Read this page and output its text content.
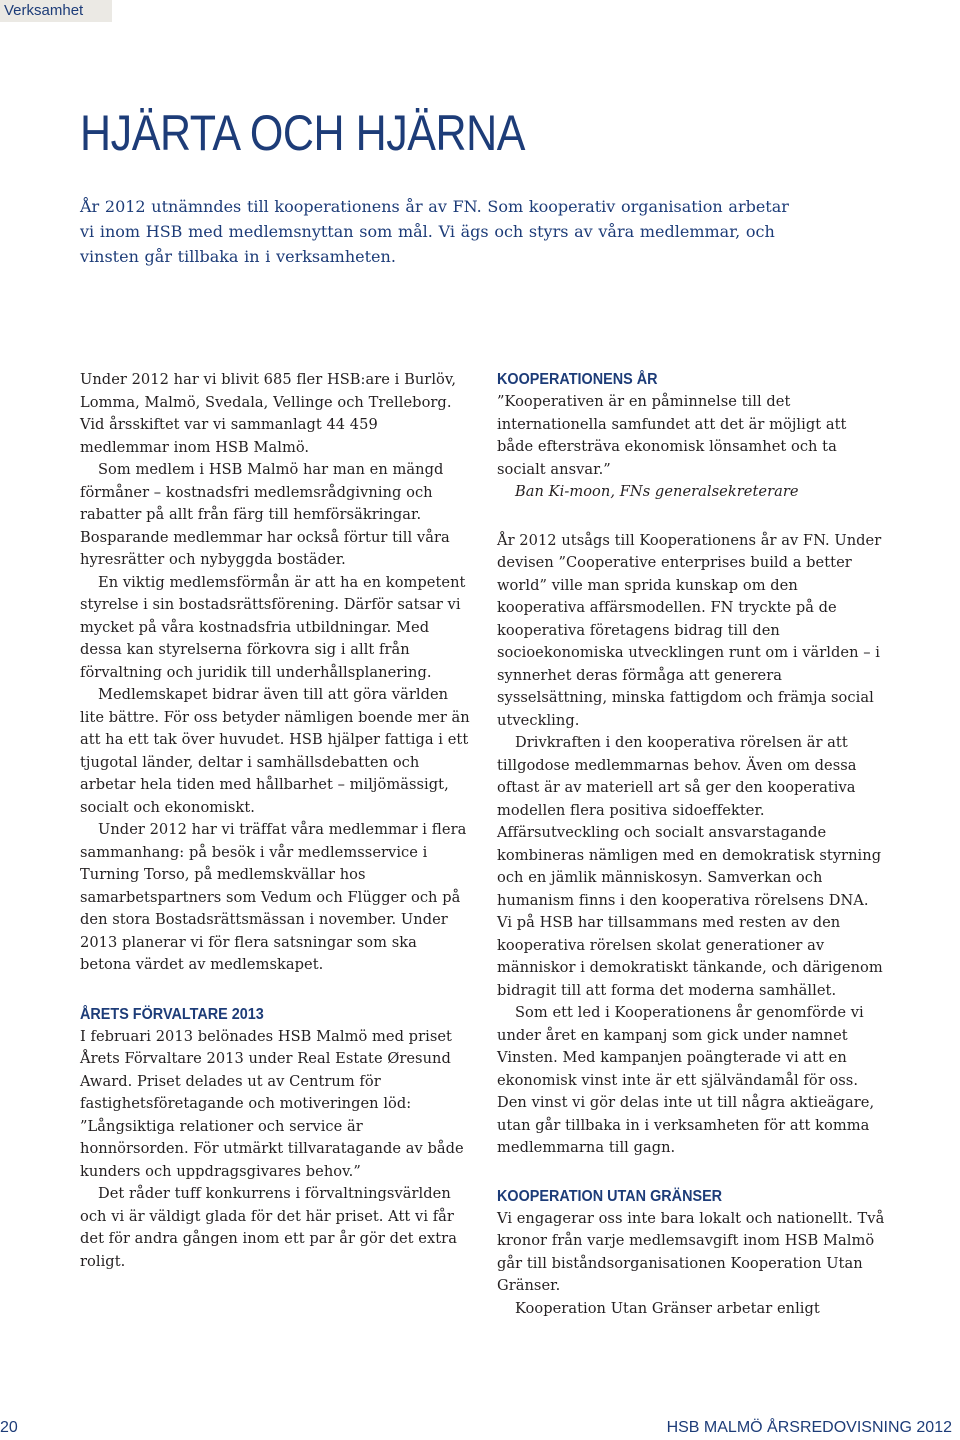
Verksamhet
HJÄRTA OCH HJÄRNA

År 2012 utnämndes till kooperationens år av FN. Som kooperativ organisation arbetar vi inom HSB med medlemsnyttan som mål. Vi ägs och styrs av våra medlemmar, och vinsten går tillbaka in i verksamheten.

Under 2012 har vi blivit 685 fler HSB:are i Burlöv, Lomma, Malmö, Svedala, Vellinge och Trelleborg. Vid årsskiftet var vi sammanlagt 44 459 medlemmar inom HSB Malmö.

Som medlem i HSB Malmö har man en mängd förmåner – kostnadsfri medlemsrådgivning och rabatter på allt från färg till hemförsäkringar. Bosparande medlemmar har också förtur till våra hyresrätter och nybyggda bostäder.

En viktig medlemsförmån är att ha en kompetent styrelse i sin bostadsrättsförening. Därför satsar vi mycket på våra kostnadsfria utbildningar. Med dessa kan styrelserna förkovra sig i allt från förvaltning och juridik till underhållsplanering.

Medlemskapet bidrar även till att göra världen lite bättre. För oss betyder nämligen boende mer än att ha ett tak över huvudet. HSB hjälper fattiga i ett tjugotal länder, deltar i samhällsdebatten och arbetar hela tiden med hållbarhet – miljömässigt, socialt och ekonomiskt.

Under 2012 har vi träffat våra medlemmar i flera sammanhang: på besök i vår medlemsservice i Turning Torso, på medlemskvällar hos samarbetspartners som Vedum och Flügger och på den stora Bostadsrättsmässan i november. Under 2013 planerar vi för flera satsningar som ska betona värdet av medlemskapet.

ÅRETS FÖRVALTARE 2013

I februari 2013 belönades HSB Malmö med priset Årets Förvaltare 2013 under Real Estate Øresund Award. Priset delades ut av Centrum för fastighetsföretagande och motiveringen löd: ”Långsiktiga relationer och service är honnörsorden. För utmärkt tillvaratagande av både kunders och uppdragsgivares behov.”

Det råder tuff konkurrens i förvaltningsvärlden och vi är väldigt glada för det här priset. Att vi får det för andra gången inom ett par år gör det extra roligt.

KOOPERATIONENS ÅR

”Kooperativen är en påminnelse till det internationella samfundet att det är möjligt att både eftersträva ekonomisk lönsamhet och ta socialt ansvar.”

Ban Ki-moon, FNs generalsekreterare

År 2012 utsågs till Kooperationens år av FN. Under devisen ”Cooperative enterprises build a better world” ville man sprida kunskap om den kooperativa affärsmodellen. FN tryckte på de kooperativa företagens bidrag till den socioekonomiska utvecklingen runt om i världen – i synnerhet deras förmåga att generera sysselsättning, minska fattigdom och främja social utveckling.

Drivkraften i den kooperativa rörelsen är att tillgodose medlemmarnas behov. Även om dessa oftast är av materiell art så ger den kooperativa modellen flera positiva sidoeffekter. Affärsutveckling och socialt ansvarstagande kombineras nämligen med en demokratisk styrning och en jämlik människosyn. Samverkan och humanism finns i den kooperativa rörelsens DNA. Vi på HSB har tillsammans med resten av den kooperativa rörelsen skolat generationer av människor i demokratiskt tänkande, och därigenom bidragit till att forma det moderna samhället.

Som ett led i Kooperationens år genomförde vi under året en kampanj som gick under namnet Vinsten. Med kampanjen poängterade vi att en ekonomisk vinst inte är ett självändamål för oss. Den vinst vi gör delas inte ut till några aktieägare, utan går tillbaka in i verksamheten för att komma medlemmarna till gagn.

KOOPERATION UTAN GRÄNSER

Vi engagerar oss inte bara lokalt och nationellt. Två kronor från varje medlemsavgift inom HSB Malmö går till biståndsorganisationen Kooperation Utan Gränser.

Kooperation Utan Gränser arbetar enligt

20	HSB MALMÖ ÅRSREDOVISNING 2012
